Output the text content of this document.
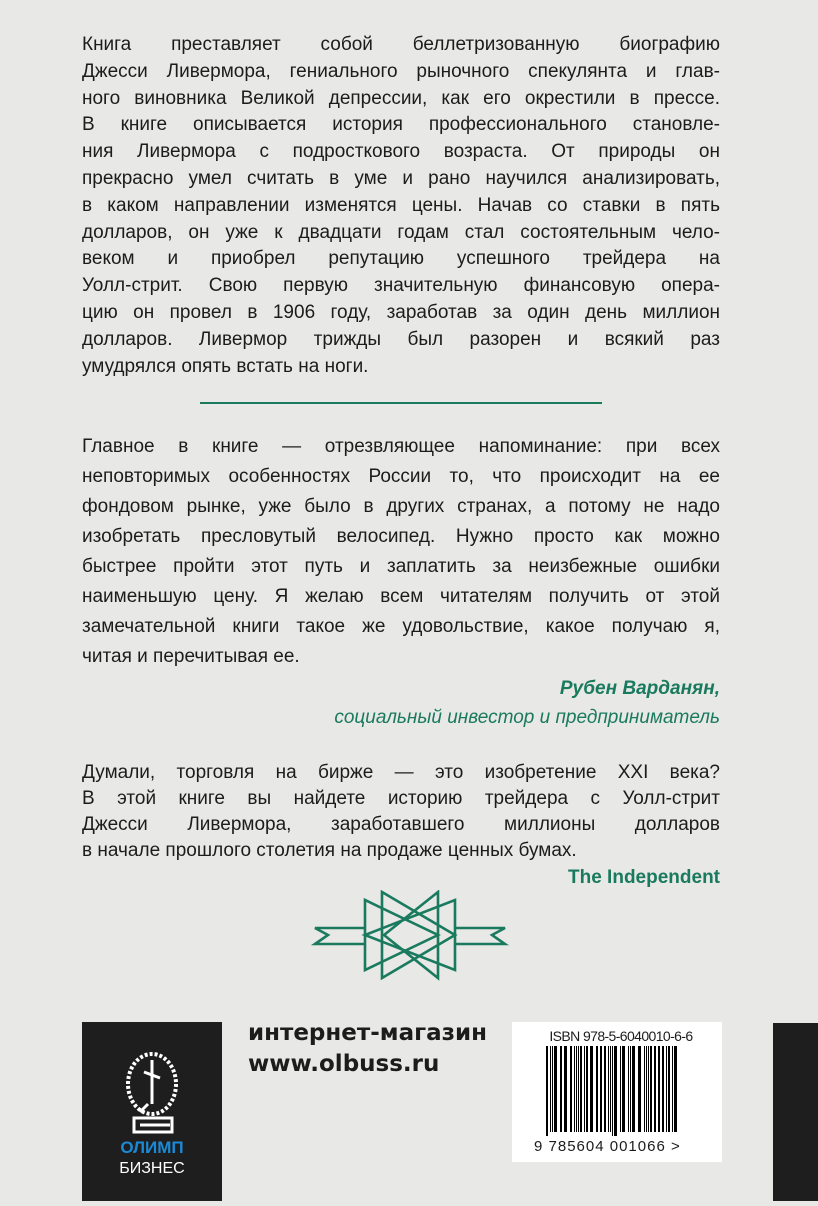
Книга преставляет собой беллетризованную биографию
Джесси Ливермора, гениального рыночного спекулянта и глав-
ного виновника Великой депрессии, как его окрестили в прессе.
В книге описывается история профессионального становле-
ния Ливермора с подросткового возраста. От природы он
прекрасно умел считать в уме и рано научился анализировать,
в каком направлении изменятся цены. Начав со ставки в пять
долларов, он уже к двадцати годам стал состоятельным чело-
веком и приобрел репутацию успешного трейдера на
Уолл-стрит. Свою первую значительную финансовую опера-
цию он провел в 1906 году, заработав за один день миллион
долларов. Ливермор трижды был разорен и всякий раз
умудрялся опять встать на ноги.
Главное в книге — отрезвляющее напоминание: при всех
неповторимых особенностях России то, что происходит на ее
фондовом рынке, уже было в других странах, а потому не надо
изобретать пресловутый велосипед. Нужно просто как можно
быстрее пройти этот путь и заплатить за неизбежные ошибки
наименьшую цену. Я желаю всем читателям получить от этой
замечательной книги такое же удовольствие, какое получаю я,
читая и перечитывая ее.
Рубен Варданян,
социальный инвестор и предприниматель
Думали, торговля на бирже — это изобретение XXI века?
В этой книге вы найдете историю трейдера с Уолл-стрит
Джесси Ливермора, заработавшего миллионы долларов
в начале прошлого столетия на продаже ценных бумах.
The Independent
ОЛИМП
БИЗНЕС
интернет-магазин
www.olbuss.ru
ISBN 978-5-6040010-6-6
9 785604 001066 >
